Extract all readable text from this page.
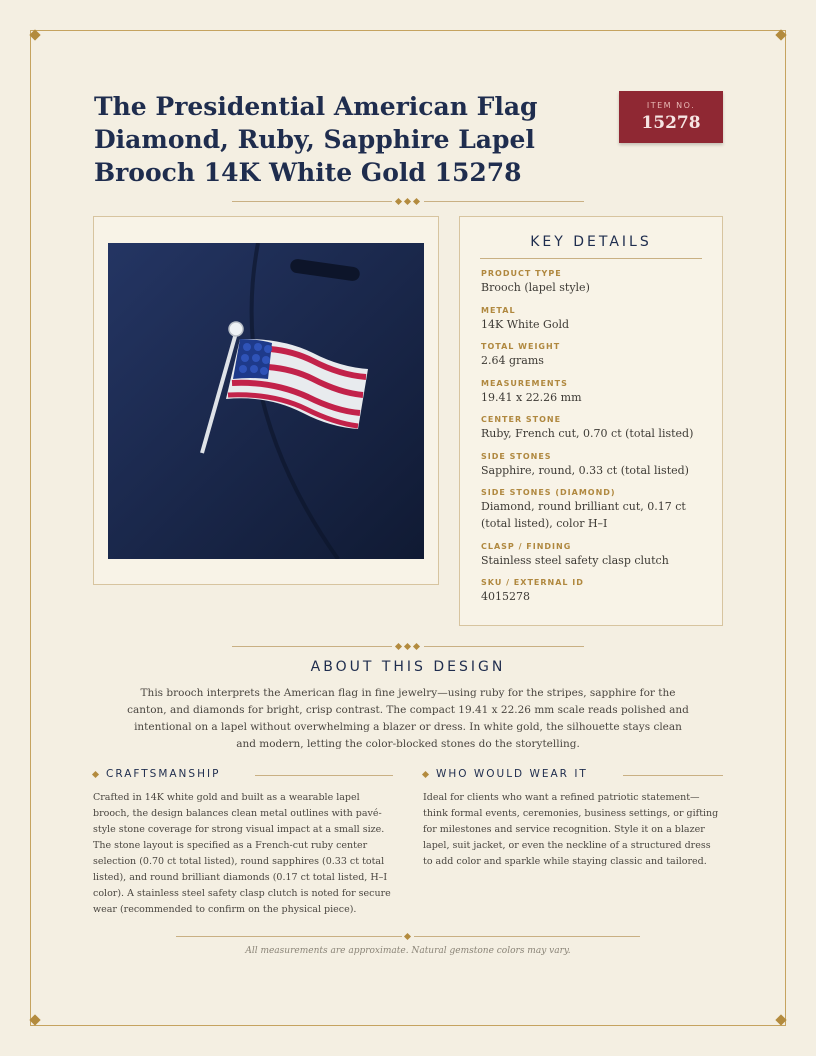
The Presidential American Flag Diamond, Ruby, Sapphire Lapel Brooch 14K White Gold 15278
ITEM NO.
15278
KEY DETAILS
PRODUCT TYPE
Brooch (lapel style)
METAL
14K White Gold
TOTAL WEIGHT
2.64 grams
MEASUREMENTS
19.41 x 22.26 mm
CENTER STONE
Ruby, French cut, 0.70 ct (total listed)
SIDE STONES
Sapphire, round, 0.33 ct (total listed)
SIDE STONES (DIAMOND)
Diamond, round brilliant cut, 0.17 ct (total listed), color H–I
CLASP / FINDING
Stainless steel safety clasp clutch
SKU / EXTERNAL ID
4015278
ABOUT THIS DESIGN

This brooch interprets the American flag in fine jewelry—using ruby for the stripes, sapphire for the canton, and diamonds for bright, crisp contrast. The compact 19.41 x 22.26 mm scale reads polished and intentional on a lapel without overwhelming a blazer or dress. In white gold, the silhouette stays clean and modern, letting the color-blocked stones do the storytelling.

CRAFTSMANSHIP

Crafted in 14K white gold and built as a wearable lapel brooch, the design balances clean metal outlines with pavé-style stone coverage for strong visual impact at a small size. The stone layout is specified as a French-cut ruby center selection (0.70 ct total listed), round sapphires (0.33 ct total listed), and round brilliant diamonds (0.17 ct total listed, H–I color). A stainless steel safety clasp clutch is noted for secure wear (recommended to confirm on the physical piece).

WHO WOULD WEAR IT

Ideal for clients who want a refined patriotic statement—think formal events, ceremonies, business settings, or gifting for milestones and service recognition. Style it on a blazer lapel, suit jacket, or even the neckline of a structured dress to add color and sparkle while staying classic and tailored.

All measurements are approximate. Natural gemstone colors may vary.
